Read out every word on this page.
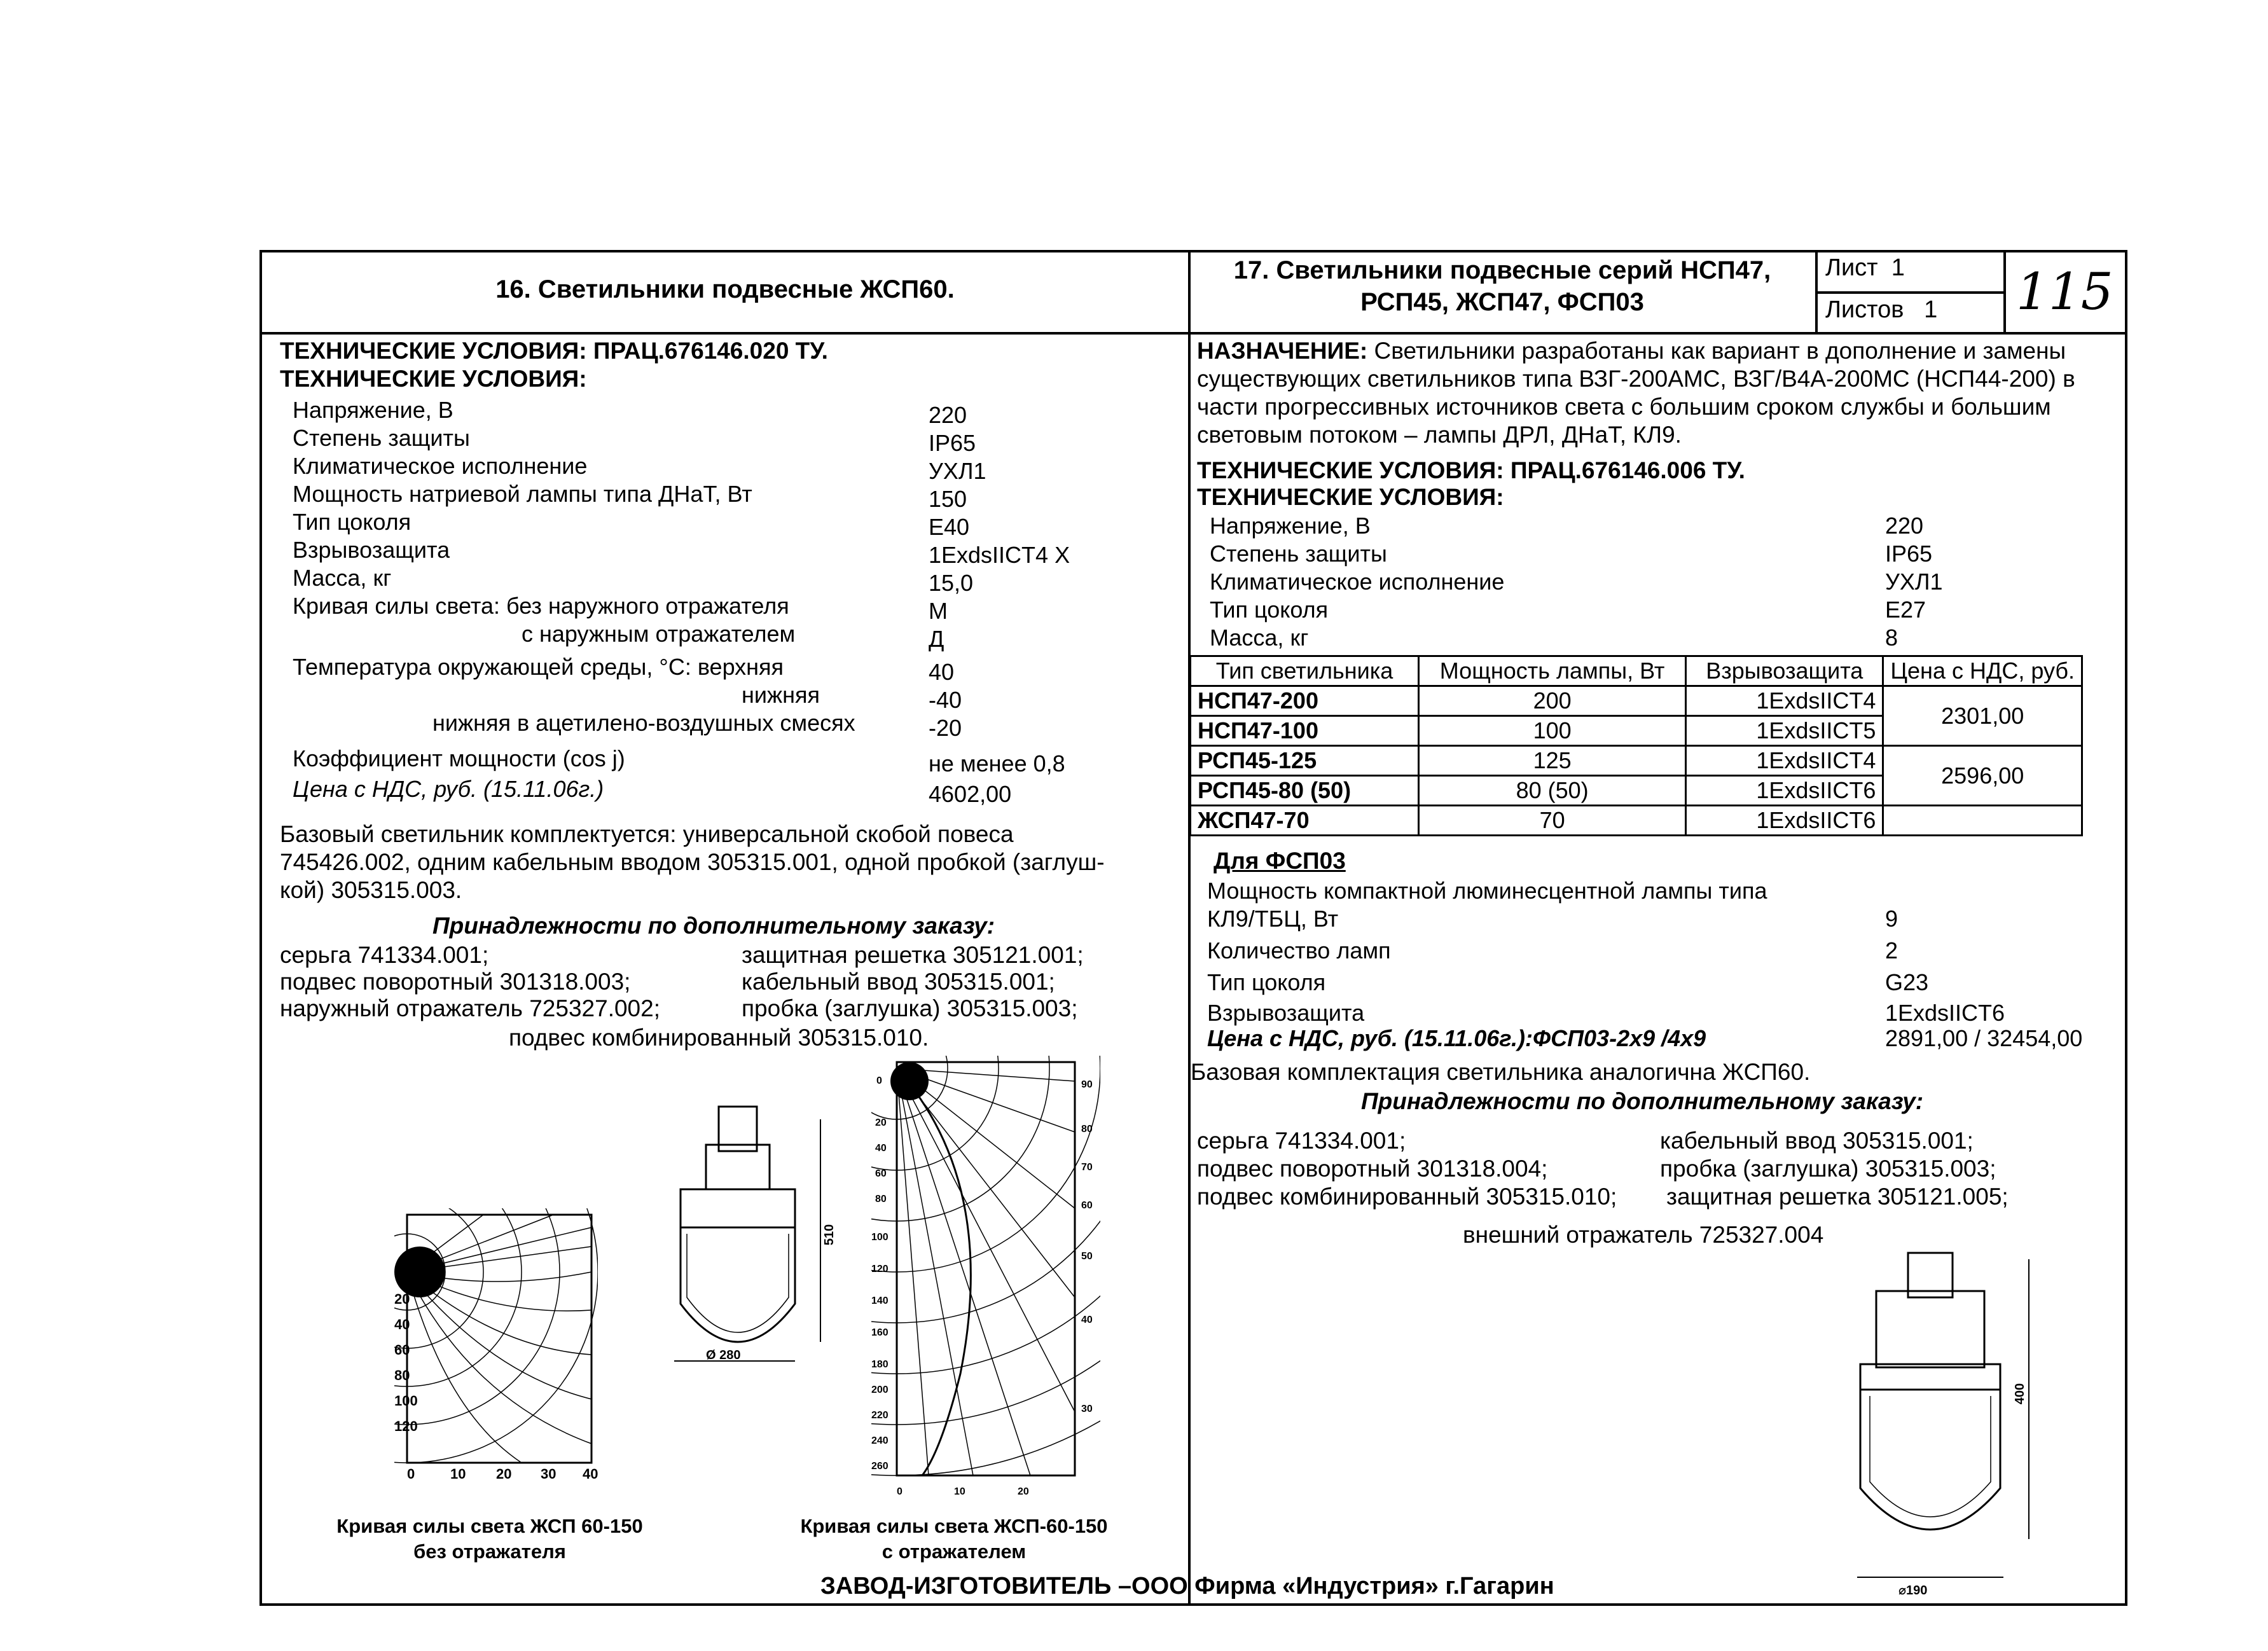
16. Светильники подвесные ЖСП60.
17. Светильники подвесные серий НСП47,
РСП45, ЖСП47, ФСП03
Лист 1
Листов 1 115
ТЕХНИЧЕСКИЕ УСЛОВИЯ: ПРАЦ.676146.020 ТУ.
ТЕХНИЧЕСКИЕ УСЛОВИЯ:
Напряжение, В	220
Степень защиты	IP65
Климатическое исполнение	УХЛ1
Мощность натриевой лампы типа ДНаТ, Вт	150
Тип цоколя	Е40
Взрывозащита	1ExdsIICT4 X
Масса, кг	15,0
Кривая силы света: без наружного отражателя	М
с наружным отражателем	Д
Температура окружающей среды, °С: верхняя	40
нижняя	-40
нижняя в ацетилено-воздушных смесях	-20
Коэффициент мощности (cos j)	не менее 0,8
Цена с НДС, руб. (15.11.06г.)	4602,00
Базовый светильник комплектуется: универсальной скобой повеса
745426.002, одним кабельным вводом 305315.001, одной пробкой (заглуш-
кой) 305315.003.
Принадлежности по дополнительному заказу:
серьга 741334.001;
подвес поворотный 301318.003;
наружный отражатель 725327.002;
защитная решетка 305121.001;
кабельный ввод 305315.001;
пробка (заглушка) 305315.003;
подвес комбинированный 305315.010.
0
20
40
60
80
100
120
0	10 20 30 40
Кривая силы света ЖСП 60-150
без отражателя
510
Ø 280
0
20
40
60
80
100
120
140
160
180
200
220
240
260
90
80
70
60
50
40
30
0	10	20
Кривая силы света ЖСП-60-150
с отражателем
НАЗНАЧЕНИЕ: Светильники разработаны как вариант в дополнение и замены
существующих светильников типа ВЗГ-200АМС, ВЗГ/В4А-200МС (НСП44-200) в
части прогрессивных источников света с большим сроком службы и большим
световым потоком – лампы ДРЛ, ДНаТ, КЛ9.
ТЕХНИЧЕСКИЕ УСЛОВИЯ: ПРАЦ.676146.006 ТУ.
ТЕХНИЧЕСКИЕ УСЛОВИЯ:
Напряжение, В	220
Степень защиты	IP65
Климатическое исполнение	УХЛ1
Тип цоколя	Е27
Масса, кг	8
Тип светильника	Мощность лампы, Вт	Взрывозащита	Цена с НДС, руб.
НСП47-200	200	1ExdsIICT4	2301,00
НСП47-100	100	1ExdsIICT5	
РСП45-125	125	1ExdsIICT4	2596,00
РСП45-80 (50)	80 (50)	1ExdsIICT6	
ЖСП47-70	70	1ExdsIICT6	
Для ФСП03
Мощность компактной люминесцентной лампы типа
КЛ9/ТБЦ, Вт	9
Количество ламп	2
Тип цоколя	G23
Взрывозащита	1ExdsIICT6
Цена с НДС, руб. (15.11.06г.):ФСП03-2х9 /4х9	2891,00 / 32454,00
Базовая комплектация светильника аналогична ЖСП60.
Принадлежности по дополнительному заказу:
серьга 741334.001;
подвес поворотный 301318.004;
подвес комбинированный 305315.010;
кабельный ввод 305315.001;
пробка (заглушка) 305315.003;
защитная решетка 305121.005;
внешний отражатель 725327.004
400
⌀190
ЗАВОД-ИЗГОТОВИТЕЛЬ –ООО Фирма «Индустрия» г.Гагарин
